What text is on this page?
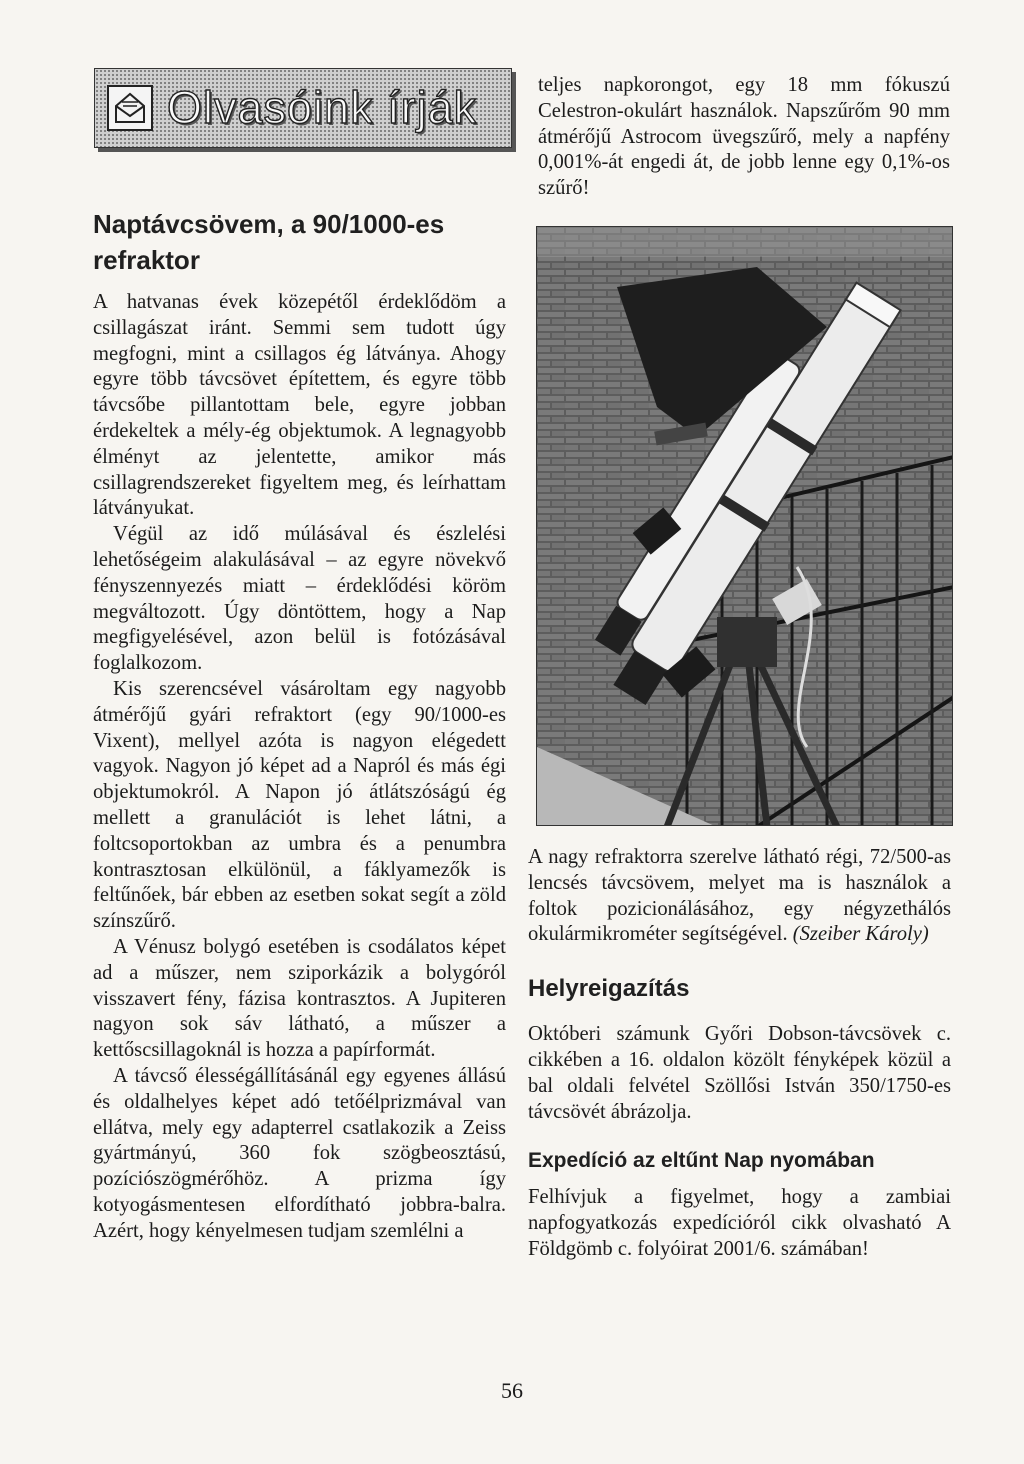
Olvasóink írják
Naptávcsövem, a 90/1000-es refraktor

A hatvanas évek közepétől érdeklődöm a csillagászat iránt. Semmi sem tudott úgy megfogni, mint a csillagos ég látványa. Ahogy egyre több távcsövet építettem, és egyre több távcsőbe pillantottam bele, egyre jobban érdekeltek a mély-ég objektumok. A legnagyobb élményt az jelentette, amikor más csillagrendszereket figyeltem meg, és leírhattam látványukat.

Végül az idő múlásával és észlelési lehetőségeim alakulásával – az egyre növekvő fényszennyezés miatt – érdeklődési köröm megváltozott. Úgy döntöttem, hogy a Nap megfigyelésével, azon belül is fotózásával foglalkozom.

Kis szerencsével vásároltam egy nagyobb átmérőjű gyári refraktort (egy 90/1000-es Vixent), mellyel azóta is nagyon elégedett vagyok. Nagyon jó képet ad a Napról és más égi objektumokról. A Napon jó átlátszóságú ég mellett a granulációt is lehet látni, a foltcsoportokban az umbra és a penumbra kontrasztosan elkülönül, a fáklyamezők is feltűnőek, bár ebben az esetben sokat segít a zöld színszűrő.

A Vénusz bolygó esetében is csodálatos képet ad a műszer, nem sziporkázik a bolygóról visszavert fény, fázisa kontrasztos. A Jupiteren nagyon sok sáv látható, a műszer a kettőscsillagoknál is hozza a papírformát.

A távcső élességállításánál egy egyenes állású és oldalhelyes képet adó tetőélprizmával van ellátva, mely egy adapterrel csatlakozik a Zeiss gyártmányú, 360 fok szögbeosztású, pozíciószögmérőhöz. A prizma így kotyogásmentesen elfordítható jobbra-balra. Azért, hogy kényelmesen tudjam szemlélni a

teljes napkorongot, egy 18 mm fókuszú Celestron-okulárt használok. Napszűrőm 90 mm átmérőjű Astrocom üvegszűrő, mely a napfény 0,001%-át engedi át, de jobb lenne egy 0,1%-os szűrő!

A nagy refraktorra szerelve látható régi, 72/500-as lencsés távcsövem, melyet ma is használok a foltok pozicionálásához, egy négyzethálós okulármikrométer segítségével. (Szeiber Károly)

Helyreigazítás

Októberi számunk Győri Dobson-távcsövek c. cikkében a 16. oldalon közölt fényképek közül a bal oldali felvétel Szöllősi István 350/1750-es távcsövét ábrázolja.

Expedíció az eltűnt Nap nyomában

Felhívjuk a figyelmet, hogy a zambiai napfogyatkozás expedícióról cikk olvasható A Földgömb c. folyóirat 2001/6. számában!

56
